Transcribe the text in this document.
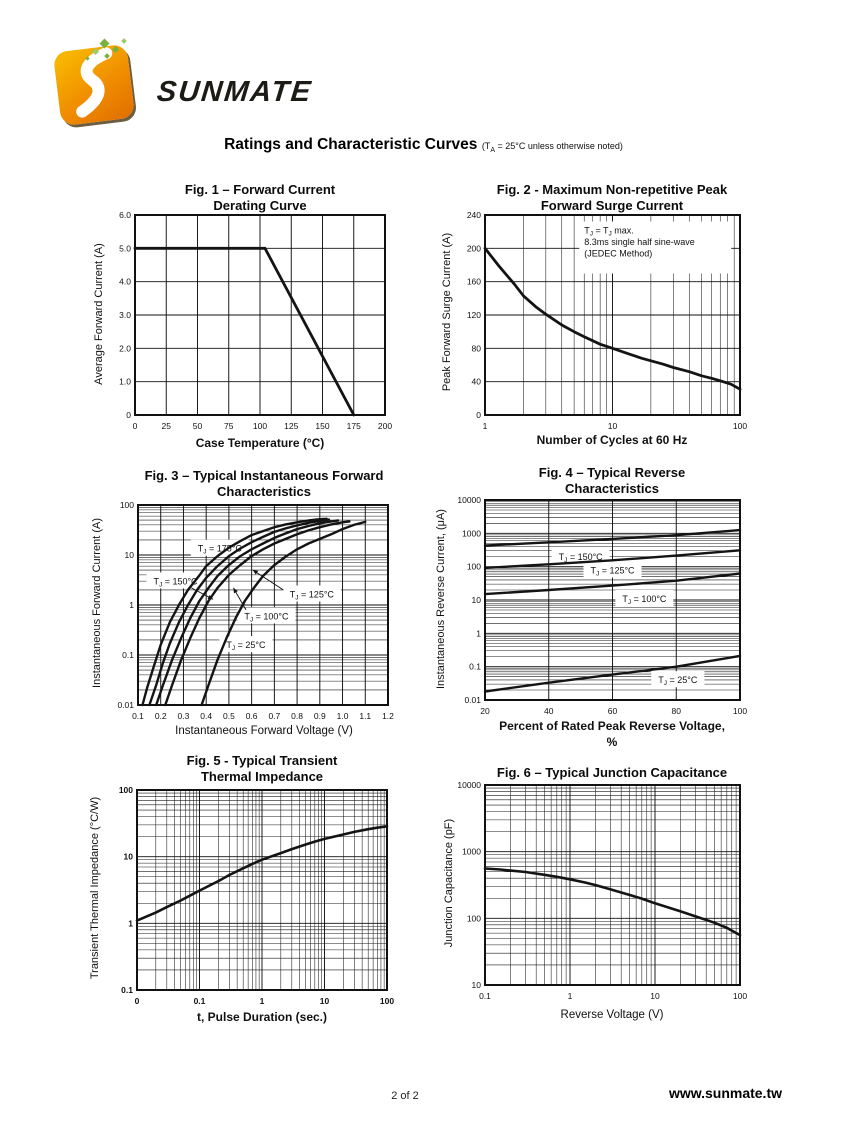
SUNMATE
Ratings and Characteristic Curves ($T_A = 25^\circ C$ unless otherwise noted)
Fig. 1 – Forward Current
Derating Curve
Average Forward Current (A)
0	25	50	75 100 125 150 175 200
0
1.0
2.0
3.0
4.0
5.0
6.0
Case Temperature (°C)
Fig. 2 - Maximum Non-repetitive Peak
Forward Surge Current
Peak Forward Surge Current (A)
$T_J = T_J$ max.
8.3ms single half sine-wave
(JEDEC Method)
1	10	100
0
40
80
120
160
200
240
Number of Cycles at 60 Hz
Fig. 3 – Typical Instantaneous Forward
Characteristics
Instantaneous Forward Current (A)	$T_J = 175^\circ C$
$T_J = 150^\circ C$
$T_J = 125^\circ C$
$T_J = 100^\circ C$
$T_J = 25^\circ C$
0.1 0.2 0.3 0.4 0.5 0.6 0.7 0.8 0.9 1.0 1.1 1.2
100
10
1
0.1
0.01
Instantaneous Forward Voltage (V)
Fig. 4 – Typical Reverse
Characteristics
Instantaneous Reverse Current, (μA)	$T_J = 150^\circ C$
$T_J = 125^\circ C$
$T_J = 100^\circ C$
$T_J = 25^\circ C$
20	40	60	80	100
10000
1000
100
10
1
0.1
0.01
Percent of Rated Peak Reverse Voltage,
%
Fig. 5 - Typical Transient
Thermal Impedance
Transient Thermal Impedance (°C/W)
0	0.1	1	10	100
100
10
1
0.1
t, Pulse Duration (sec.)
Fig. 6 – Typical Junction Capacitance
Junction Capacitance (pF)
0.1	1	10	100
10000
1000
100
10
Reverse Voltage (V)
2 of 2	www.sunmate.tw
